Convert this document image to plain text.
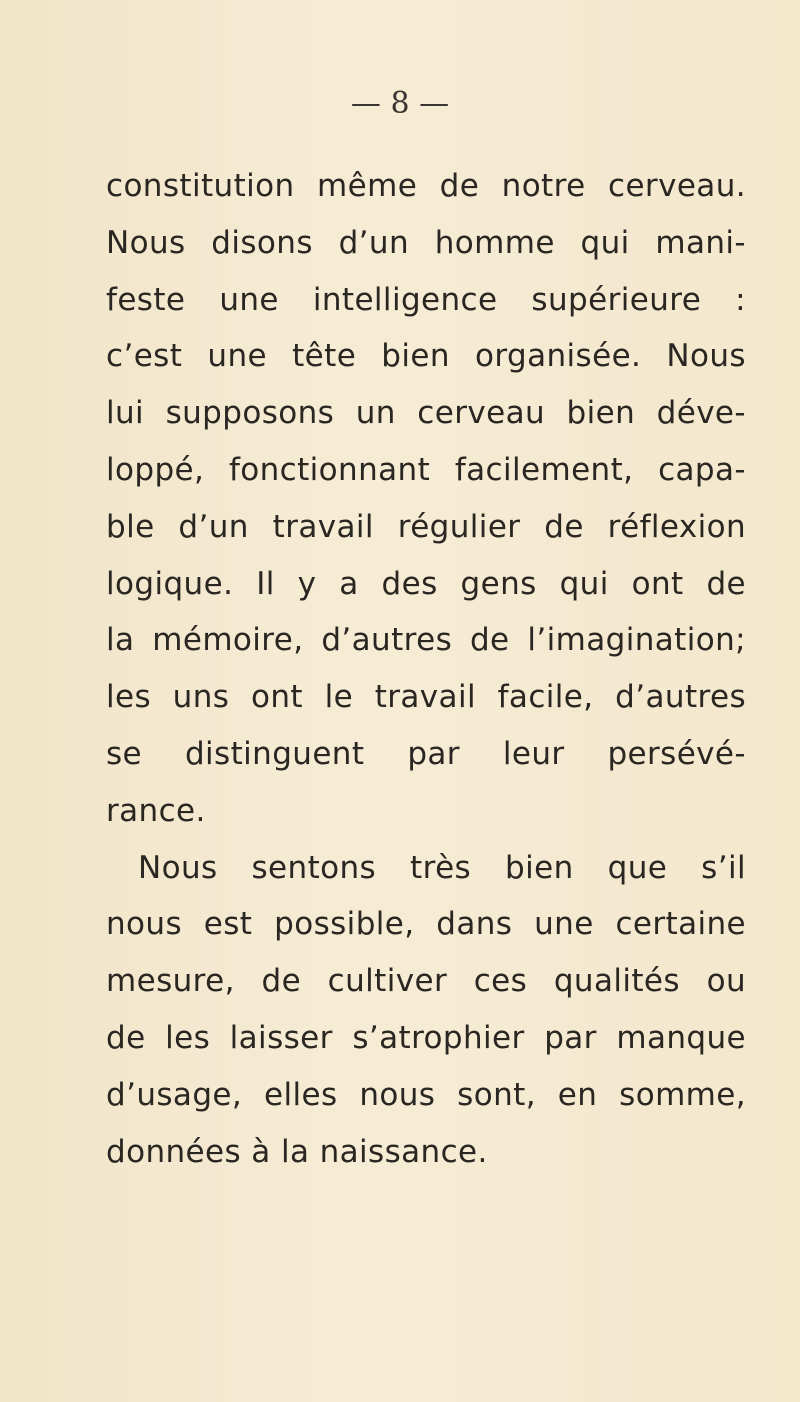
— 8 —
constitution même de notre cerveau.
Nous disons d’un homme qui mani-
feste une intelligence supérieure :
c’est une tête bien organisée. Nous
lui supposons un cerveau bien déve-
loppé, fonctionnant facilement, capa-
ble d’un travail régulier de réflexion
logique. Il y a des gens qui ont de
la mémoire, d’autres de l’imagination;
les uns ont le travail facile, d’autres
se distinguent par leur persévé-
rance.
Nous sentons très bien que s’il
nous est possible, dans une certaine
mesure, de cultiver ces qualités ou
de les laisser s’atrophier par manque
d’usage, elles nous sont, en somme,
données à la naissance.
